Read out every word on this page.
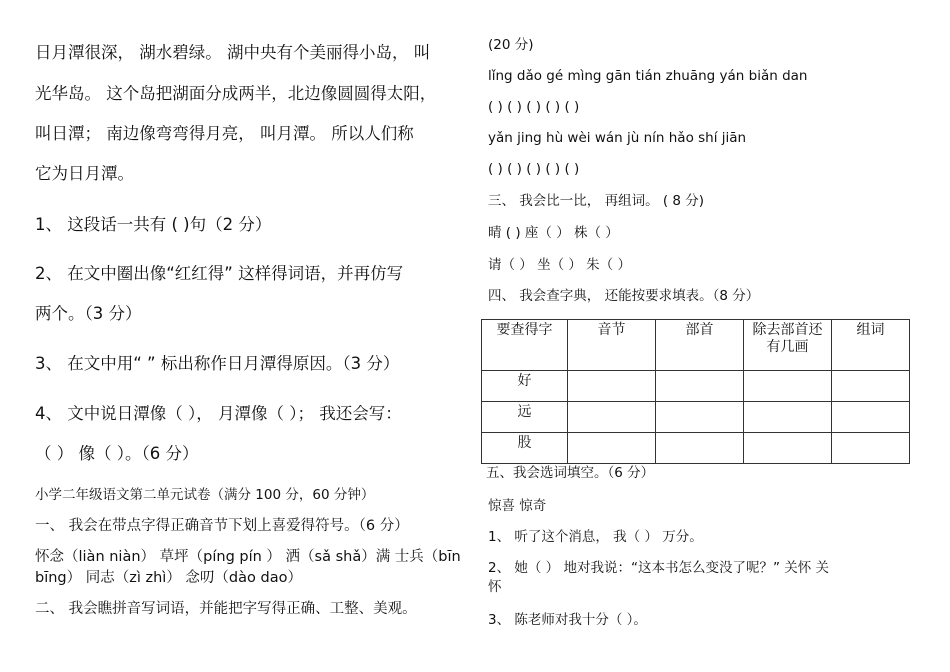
日月潭很深， 湖水碧绿。 湖中央有个美丽得小岛， 叫
光华岛。 这个岛把湖面分成两半，北边像圆圆得太阳，
叫日潭； 南边像弯弯得月亮， 叫月潭。 所以人们称
它为日月潭。
1、 这段话一共有 ( )句（2 分）
2、 在文中圈出像“红红得” 这样得词语，并再仿写
两个。（3 分）
3、 在文中用“ ” 标出称作日月潭得原因。（3 分）
4、 文中说日潭像（ ）， 月潭像（ ）； 我还会写：
（ ） 像（ ）。（6 分）
小学二年级语文第二单元试卷（满分 100 分，60 分钟）
一、 我会在带点字得正确音节下划上喜爱得符号。（6 分）
怀念（liàn niàn） 草坪（píng pín ） 洒（sǎ shǎ）满 士兵（bīn
bīng） 同志（zì zhì） 念叨（dào dao）
二、 我会瞧拼音写词语，并能把字写得正确、工整、美观。
(20 分)
lǐng dǎo gé mìng gān tián zhuāng yán biǎn dan
( ) ( ) ( ) ( ) ( )
yǎn jing hù wèi wán jù nín hǎo shí jiān
( ) ( ) ( ) ( ) ( )
三、 我会比一比， 再组词。 ( 8 分)
晴 ( ) 座（ ） 株（ ）
请（ ） 坐（ ） 朱（ ）
四、 我会查字典， 还能按要求填表。（8 分）
要查得字	音节	部首	除去部首还有几画	组词
好				
远				
股				
五、我会选词填空。（6 分）
惊喜 惊奇
1、 听了这个消息， 我（ ） 万分。
2、 她（ ） 地对我说：“这本书怎么变没了呢？” 关怀 关
怀
3、 陈老师对我十分（ ）。
